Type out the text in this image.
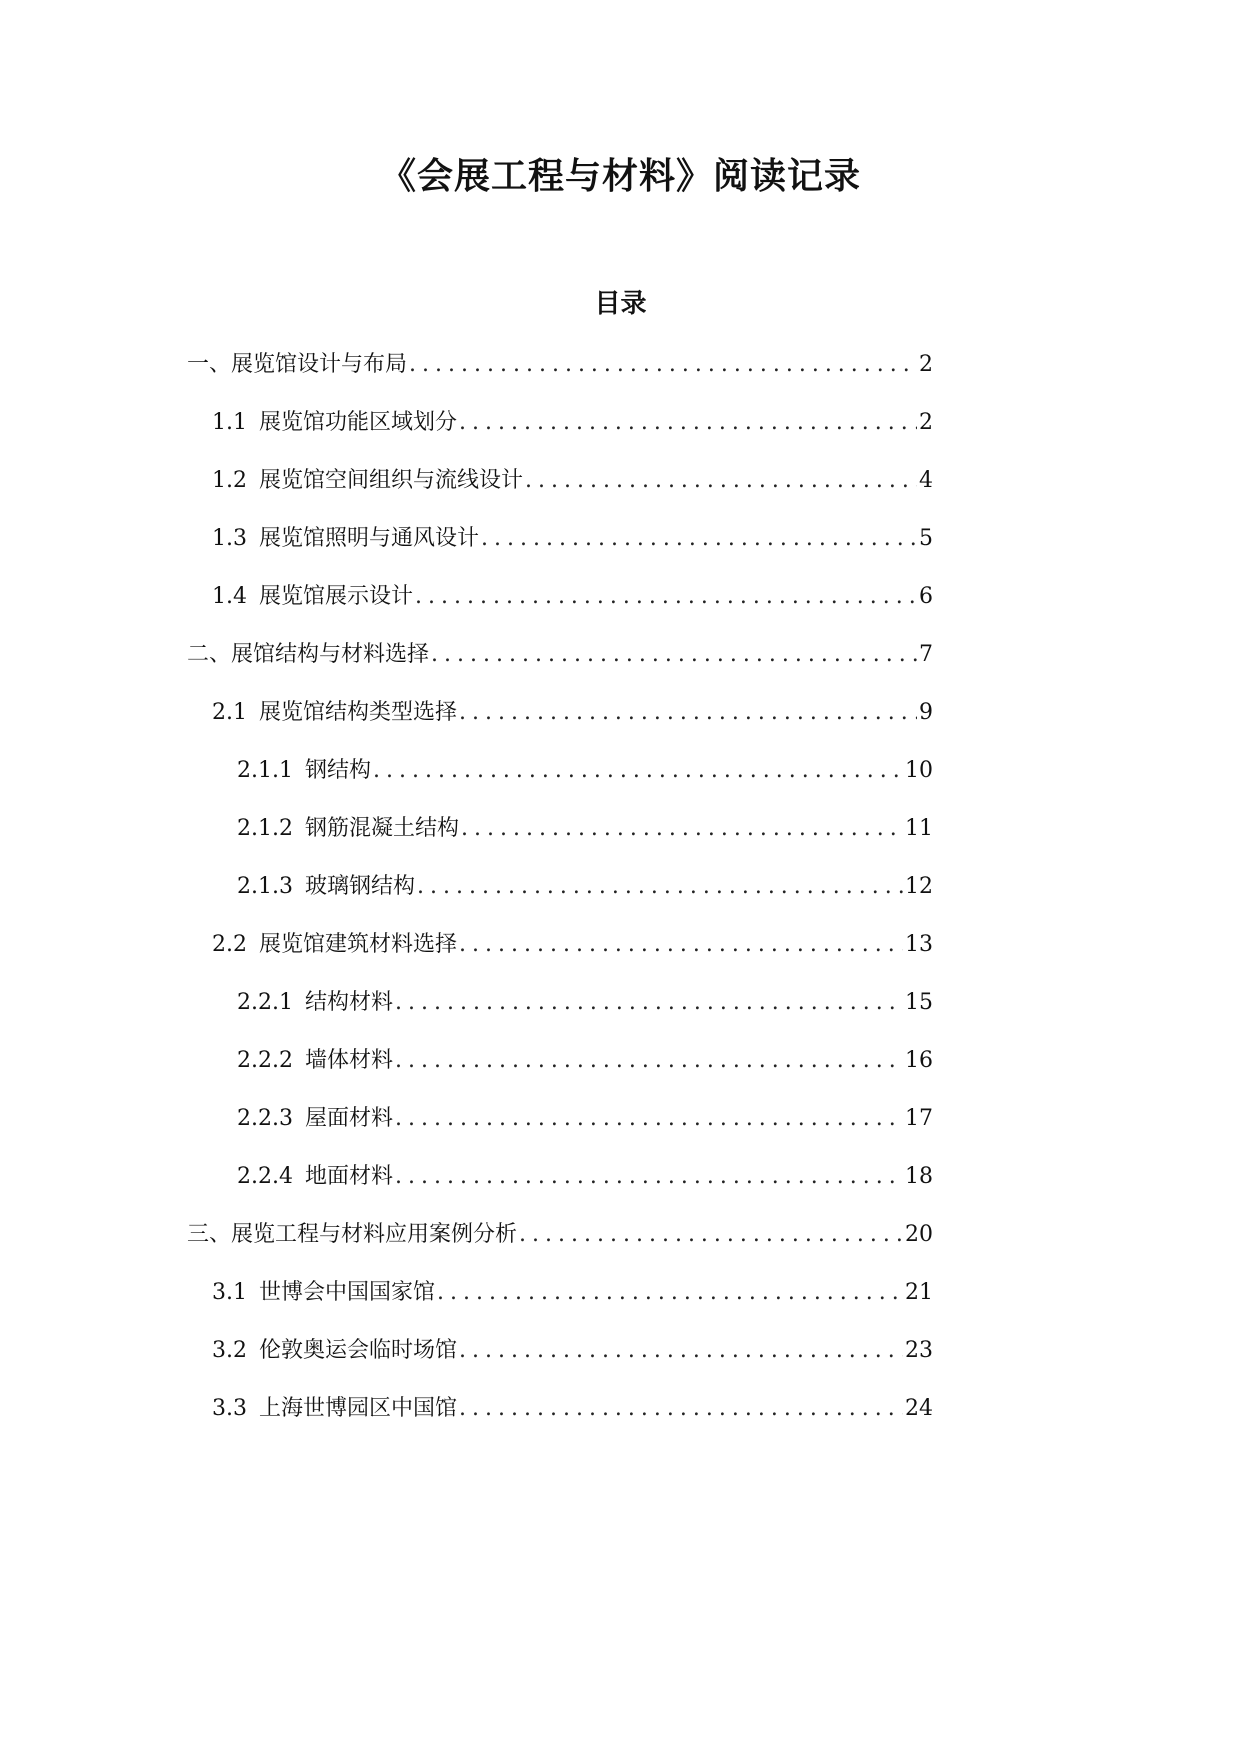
《会展工程与材料》阅读记录
目录
一、 展览馆设计与布局 .....	2
1.1 展览馆功能区域划分 .....	2
1.2 展览馆空间组织与流线设计 .....	4
1.3 展览馆照明与通风设计 .....	5
1.4 展览馆展示设计 .....	6
二、 展馆结构与材料选择 .....	7
2.1 展览馆结构类型选择 .....	9
2.1.1 钢结构 .....	10
2.1.2 钢筋混凝土结构 .....	11
2.1.3 玻璃钢结构 .....	12
2.2 展览馆建筑材料选择 .....	13
2.2.1 结构材料 .....	15
2.2.2 墙体材料 .....	16
2.2.3 屋面材料 .....	17
2.2.4 地面材料 .....	18
三、 展览工程与材料应用案例分析 .....	20
3.1 世博会中国国家馆 .....	21
3.2 伦敦奥运会临时场馆 .....	23
3.3 上海世博园区中国馆 .....	24
